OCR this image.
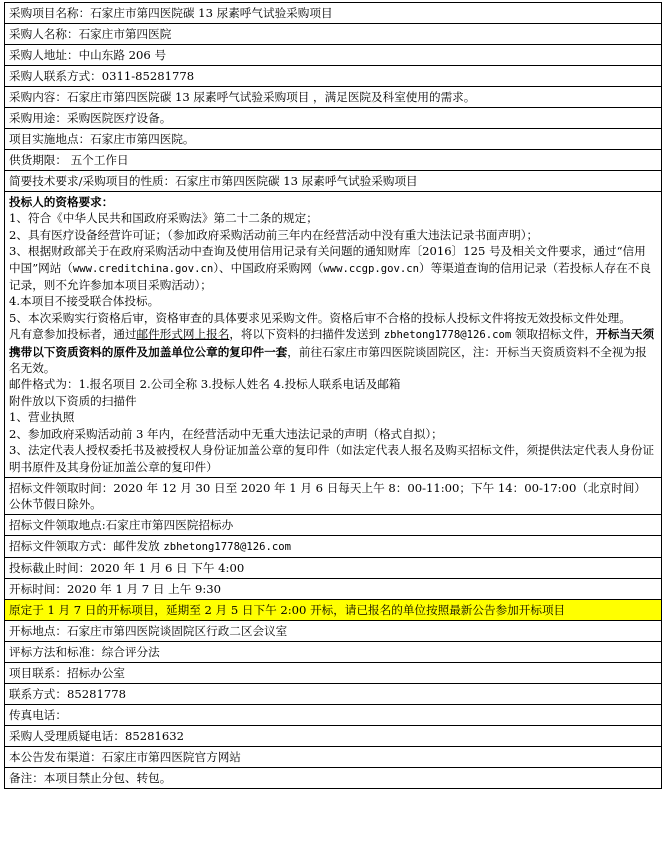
采购项目名称：石家庄市第四医院碳 13 尿素呼气试验采购项目
采购人名称：石家庄市第四医院
采购人地址：中山东路 206 号
采购人联系方式：0311-85281778
采购内容：石家庄市第四医院碳 13 尿素呼气试验采购项目 ，满足医院及科室使用的需求。
采购用途：采购医院医疗设备。
项目实施地点：石家庄市第四医院。
供货期限： 五个工作日
简要技术要求/采购项目的性质：石家庄市第四医院碳 13 尿素呼气试验采购项目

投标人的资格要求：

1、符合《中华人民共和国政府采购法》第二十二条的规定；

2、具有医疗设备经营许可证；（参加政府采购活动前三年内在经营活动中没有重大违法记录书面声明）；

3、根据财政部关于在政府采购活动中查询及使用信用记录有关问题的通知财库〔2016〕125 号及相关文件要求，通过“信用中国”网站（www.creditchina.gov.cn）、中国政府采购网（www.ccgp.gov.cn）等渠道查询的信用记录（若投标人存在不良记录，则不允许参加本项目采购活动）；

4.本项目不接受联合体投标。

5、本次采购实行资格后审，资格审查的具体要求见采购文件。资格后审不合格的投标人投标文件将按无效投标文件处理。

凡有意参加投标者，通过邮件形式网上报名，将以下资料的扫描件发送到 zbhetong1778@126.com 领取招标文件，开标当天须携带以下资质资料的原件及加盖单位公章的复印件一套，前往石家庄市第四医院谈固院区，注：开标当天资质资料不全视为报名无效。

邮件格式为：1.报名项目 2.公司全称 3.投标人姓名 4.投标人联系电话及邮箱

附件放以下资质的扫描件

1、营业执照

2、参加政府采购活动前 3 年内，在经营活动中无重大违法记录的声明（格式自拟）；

3、法定代表人授权委托书及被授权人身份证加盖公章的复印件（如法定代表人报名及购买招标文件，须提供法定代表人身份证明书原件及其身份证加盖公章的复印件）

招标文件领取时间：2020 年 12 月 30 日至 2020 年 1 月 6 日每天上午 8：00-11:00；下午 14：00-17:00（北京时间）公休节假日除外。
招标文件领取地点:石家庄市第四医院招标办
招标文件领取方式：邮件发放 zbhetong1778@126.com
投标截止时间：2020 年 1 月 6 日 下午 4:00
开标时间：2020 年 1 月 7 日 上午 9:30
原定于 1 月 7 日的开标项目，延期至 2 月 5 日下午 2:00 开标，请已报名的单位按照最新公告参加开标项目
开标地点：石家庄市第四医院谈固院区行政二区会议室
评标方法和标准：综合评分法
项目联系：招标办公室
联系方式：85281778
传真电话：
采购人受理质疑电话：85281632
本公告发布渠道：石家庄市第四医院官方网站
备注：本项目禁止分包、转包。
